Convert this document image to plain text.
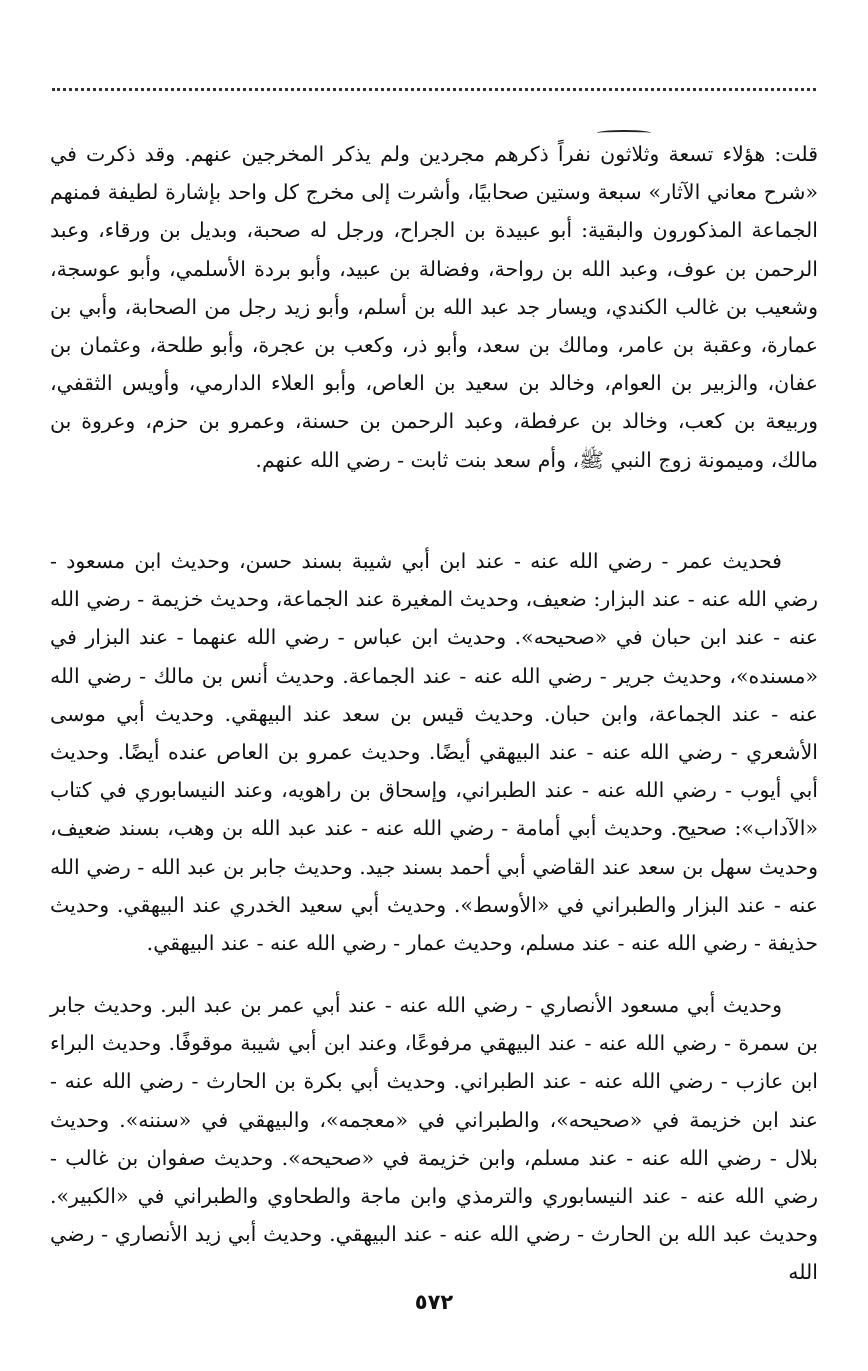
قلت: هؤلاء تسعة وثلاثون نفراً ذكرهم مجردين ولم يذكر المخرجين عنهم. وقد ذكرت في «شرح معاني الآثار» سبعة وستين صحابيًا، وأشرت إلى مخرج كل واحد بإشارة لطيفة فمنهم الجماعة المذكورون والبقية: أبو عبيدة بن الجراح، ورجل له صحبة، وبديل بن ورقاء، وعبد الرحمن بن عوف، وعبد الله بن رواحة، وفضالة بن عبيد، وأبو بردة الأسلمي، وأبو عوسجة، وشعيب بن غالب الكندي، ويسار جد عبد الله بن أسلم، وأبو زيد رجل من الصحابة، وأبي بن عمارة، وعقبة بن عامر، ومالك بن سعد، وأبو ذر، وكعب بن عجرة، وأبو طلحة، وعثمان بن عفان، والزبير بن العوام، وخالد بن سعيد بن العاص، وأبو العلاء الدارمي، وأويس الثقفي، وربيعة بن كعب، وخالد بن عرفطة، وعبد الرحمن بن حسنة، وعمرو بن حزم، وعروة بن مالك، وميمونة زوج النبي ﷺ، وأم سعد بنت ثابت - رضي الله عنهم.

فحديث عمر - رضي الله عنه - عند ابن أبي شيبة بسند حسن، وحديث ابن مسعود - رضي الله عنه - عند البزار: ضعيف، وحديث المغيرة عند الجماعة، وحديث خزيمة - رضي الله عنه - عند ابن حبان في «صحيحه». وحديث ابن عباس - رضي الله عنهما - عند البزار في «مسنده»، وحديث جرير - رضي الله عنه - عند الجماعة. وحديث أنس بن مالك - رضي الله عنه - عند الجماعة، وابن حبان. وحديث قيس بن سعد عند البيهقي. وحديث أبي موسى الأشعري - رضي الله عنه - عند البيهقي أيضًا. وحديث عمرو بن العاص عنده أيضًا. وحديث أبي أيوب - رضي الله عنه - عند الطبراني، وإسحاق بن راهويه، وعند النيسابوري في كتاب «الآداب»: صحيح. وحديث أبي أمامة - رضي الله عنه - عند عبد الله بن وهب، بسند ضعيف، وحديث سهل بن سعد عند القاضي أبي أحمد بسند جيد. وحديث جابر بن عبد الله - رضي الله عنه - عند البزار والطبراني في «الأوسط». وحديث أبي سعيد الخدري عند البيهقي. وحديث حذيفة - رضي الله عنه - عند مسلم، وحديث عمار - رضي الله عنه - عند البيهقي.

وحديث أبي مسعود الأنصاري - رضي الله عنه - عند أبي عمر بن عبد البر. وحديث جابر بن سمرة - رضي الله عنه - عند البيهقي مرفوعًا، وعند ابن أبي شيبة موقوفًا. وحديث البراء ابن عازب - رضي الله عنه - عند الطبراني. وحديث أبي بكرة بن الحارث - رضي الله عنه - عند ابن خزيمة في «صحيحه»، والطبراني في «معجمه»، والبيهقي في «سننه». وحديث بلال - رضي الله عنه - عند مسلم، وابن خزيمة في «صحيحه». وحديث صفوان بن غالب - رضي الله عنه - عند النيسابوري والترمذي وابن ماجة والطحاوي والطبراني في «الكبير». وحديث عبد الله بن الحارث - رضي الله عنه - عند البيهقي. وحديث أبي زيد الأنصاري - رضي الله

٥٧٢
